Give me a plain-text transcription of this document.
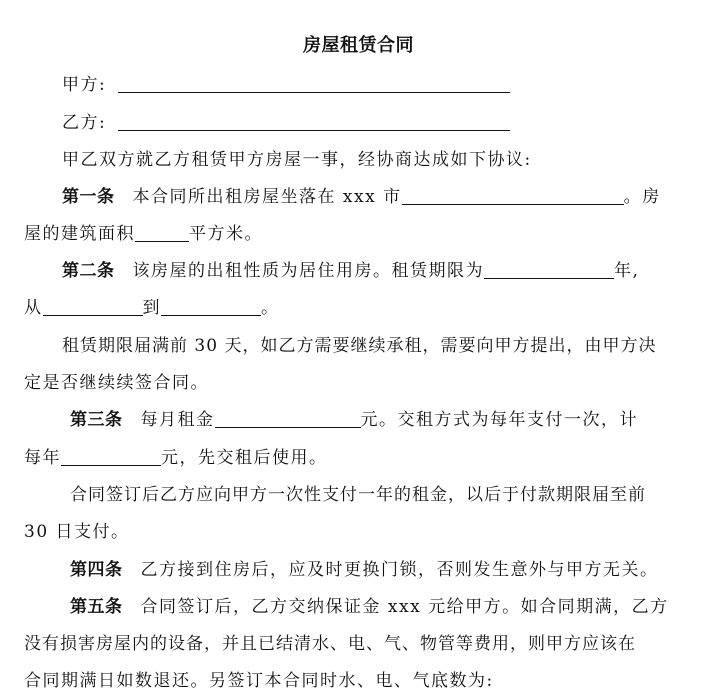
房屋租赁合同
甲方:
乙方:
甲乙双方就乙方租赁甲方房屋一事，经协商达成如下协议:
第一条 本合同所出租房屋坐落在 xxx 市	。房
屋的建筑面积	平方米。
第二条 该房屋的出租性质为居住用房。租赁期限为	年,
从	到	。
租赁期限届满前 30 天，如乙方需要继续承租，需要向甲方提出，由甲方决
定是否继续续签合同。
第三条 每月租金	元。交租方式为每年支付一次，计
每年	元，先交租后使用。
合同签订后乙方应向甲方一次性支付一年的租金，以后于付款期限届至前
30 日支付。
第四条 乙方接到住房后，应及时更换门锁，否则发生意外与甲方无关。
第五条 合同签订后，乙方交纳保证金 xxx 元给甲方。如合同期满，乙方
没有损害房屋内的设备，并且已结清水、电、气、物管等费用，则甲方应该在
合同期满日如数退还。另签订本合同时水、电、气底数为:
